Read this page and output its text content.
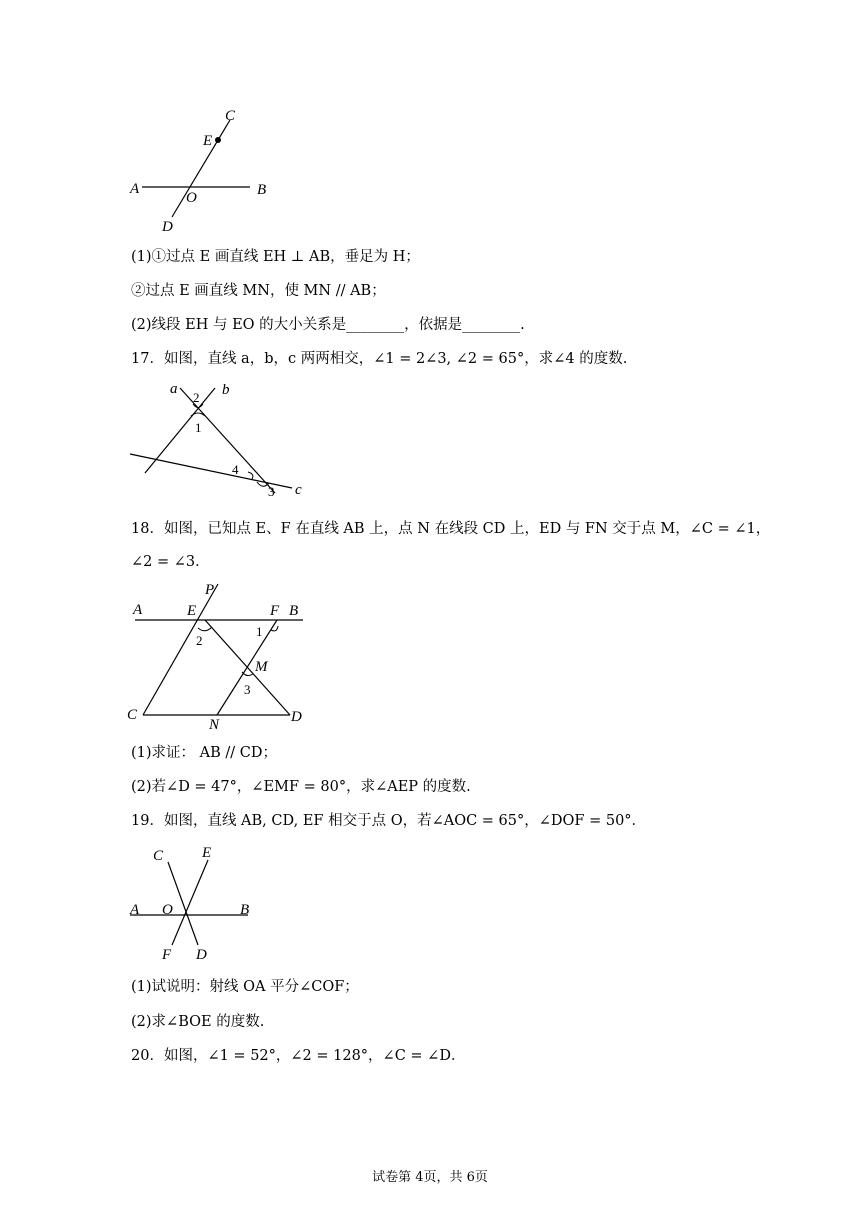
C
E
A
O	B
D
(1)①过点 E 画直线 EH ⊥ AB，垂足为 H；
②过点 E 画直线 MN，使 MN // AB；
(2)线段 EH 与 EO 的大小关系是________，依据是________.
17．如图，直线 a，b，c 两两相交，∠1 = 2∠3, ∠2 = 65°，求∠4 的度数.
a	b
c
2
1
4
3
18．如图，已知点 E、F 在直线 AB 上，点 N 在线段 CD 上，ED 与 FN 交于点 M，∠C = ∠1，
∠2 = ∠3．
A	E
P
F B
C
N	D
M
1
2
3
(1)求证： AB // CD；
(2)若∠D = 47°，∠EMF = 80°，求∠AEP 的度数.
19．如图，直线 AB, CD, EF 相交于点 O，若∠AOC = 65°，∠DOF = 50°．
C	E
A O	B
F D
(1)试说明：射线 OA 平分∠COF；
(2)求∠BOE 的度数.
20．如图，∠1 = 52°，∠2 = 128°，∠C = ∠D．
试卷第 4页，共 6页
